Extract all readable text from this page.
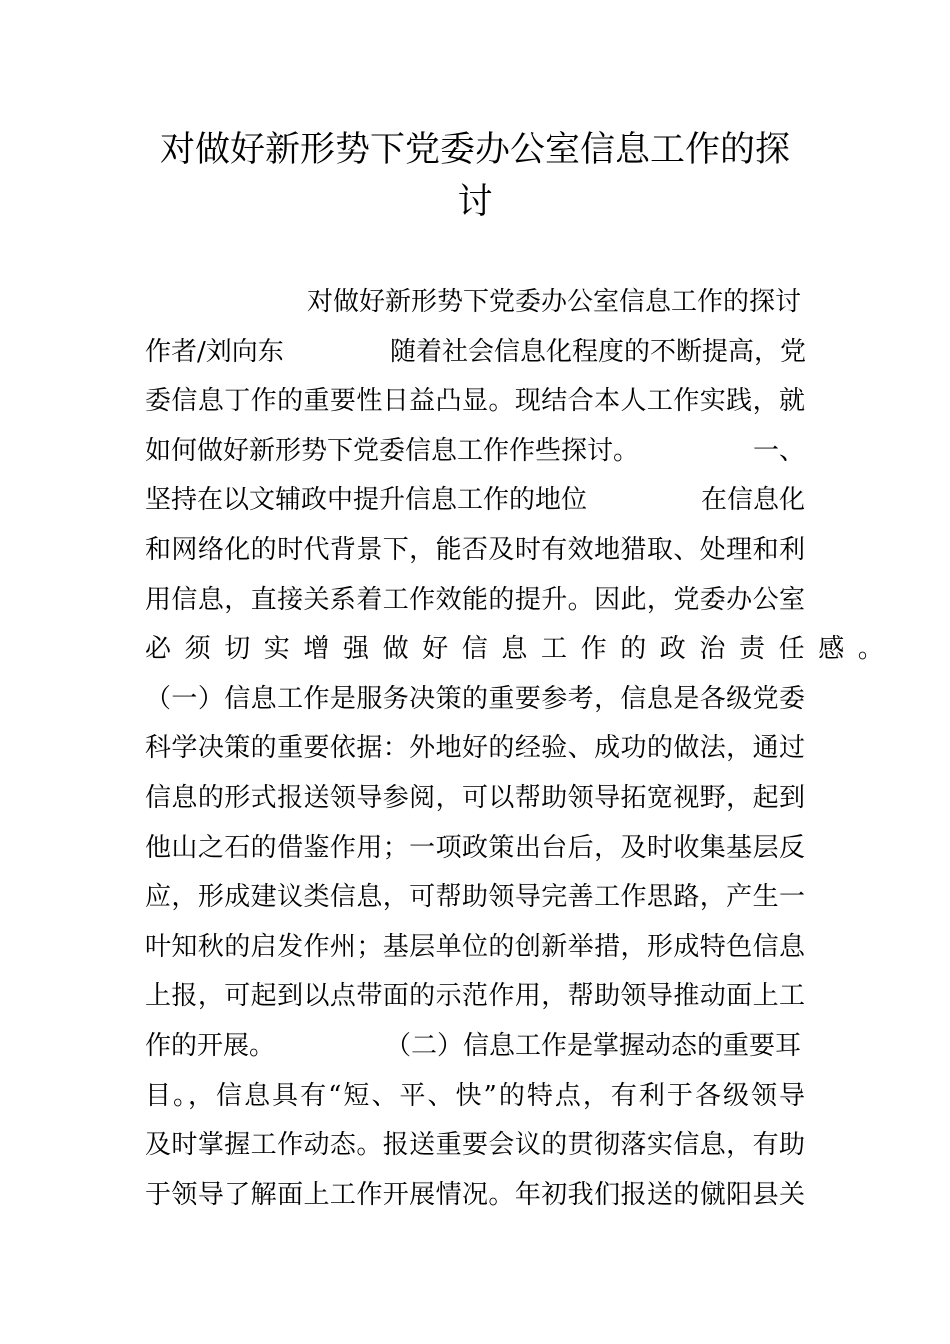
对做好新形势下党委办公室信息工作的探
讨
对做好新形势下党委办公室信息工作的探讨
作者/刘向东	随着社会信息化程度的不断提高，党
委信息丁作的重要性日益凸显。现结合本人工作实践，就
如何做好新形势下党委信息工作作些探讨。	一、
坚持在以文辅政中提升信息工作的地位	在信息化
和网络化的时代背景下，能否及时有效地猎取、处理和利
用信息，直接关系着工作效能的提升。因此，党委办公室
必须切实增强做好信息工作的政治责任感。
（一）信息工作是服务决策的重要参考，信息是各级党委
科学决策的重要依据：外地好的经验、成功的做法，通过
信息的形式报送领导参阅，可以帮助领导拓宽视野，起到
他山之石的借鉴作用；一项政策出台后，及时收集基层反
应，形成建议类信息，可帮助领导完善工作思路，产生一
叶知秋的启发作州；基层单位的创新举措，形成特色信息
上报，可起到以点带面的示范作用，帮助领导推动面上工
作的开展。	（二）信息工作是掌握动态的重要耳
目。，信息具有“短、平、快”的特点，有利于各级领导
及时掌握工作动态。报送重要会议的贯彻落实信息，有助
于领导了解面上工作开展情况。年初我们报送的僦阳县关
